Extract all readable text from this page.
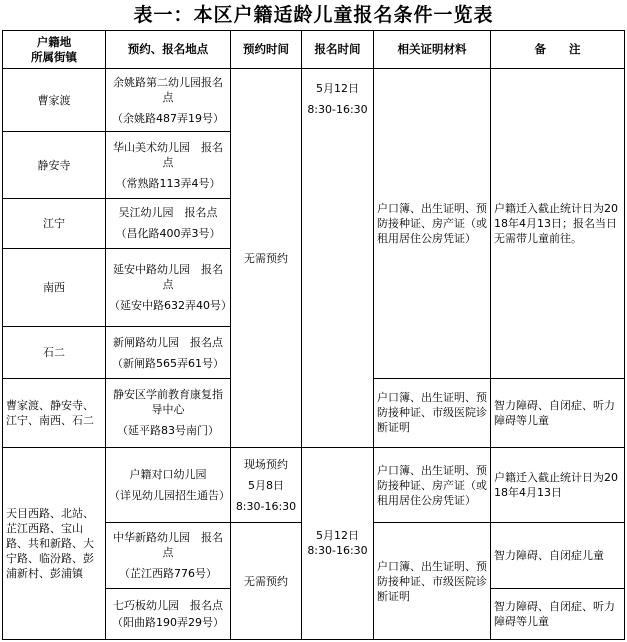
表一：本区户籍适龄儿童报名条件一览表
户籍地
所属街镇	预约、报名地点	预约时间	报名时间	相关证明材料	备　　注
曹家渡	余姚路第二幼儿园报名点
（余姚路487弄19号）	无需预约	5月12日
8:30-16:30	户口簿、出生证明、预防接种证、房产证（或租用居住公房凭证）	户籍迁入截止统计日为2018年4月13日；报名当日无需带儿童前往。
静安寺	华山美术幼儿园　报名点
（常熟路113弄4号）				

江宁	吴江幼儿园　报名点
（昌化路400弄3号）				

南西	延安中路幼儿园　报名点
（延安中路632弄40号）				

石二	新闸路幼儿园　报名点
（新闸路565弄61号）				

曹家渡、静安寺、江宁、南西、石二	静安区学前教育康复指导中心
（延平路83号南门）			户口簿、出生证明、预防接种证、市级医院诊断证明	智力障碍、自闭症、听力障碍等儿童
天目西路、北站、芷江西路、宝山路、共和新路、大宁路、临汾路、彭浦新村、彭浦镇	户籍对口幼儿园
（详见幼儿园招生通告）	现场预约
5月8日
8:30-16:30	5月12日
8:30-16:30	户口簿、出生证明、预防接种证、房产证（或租用居住公房凭证）	户籍迁入截止统计日为2018年4月13日
	中华新路幼儿园　报名点
（芷江西路776号）	无需预约		户口簿、出生证明、预防接种证、市级医院诊断证明	智力障碍、自闭症儿童
	七巧板幼儿园　报名点
（阳曲路190弄29号）				智力障碍、自闭症、听力障碍等儿童
